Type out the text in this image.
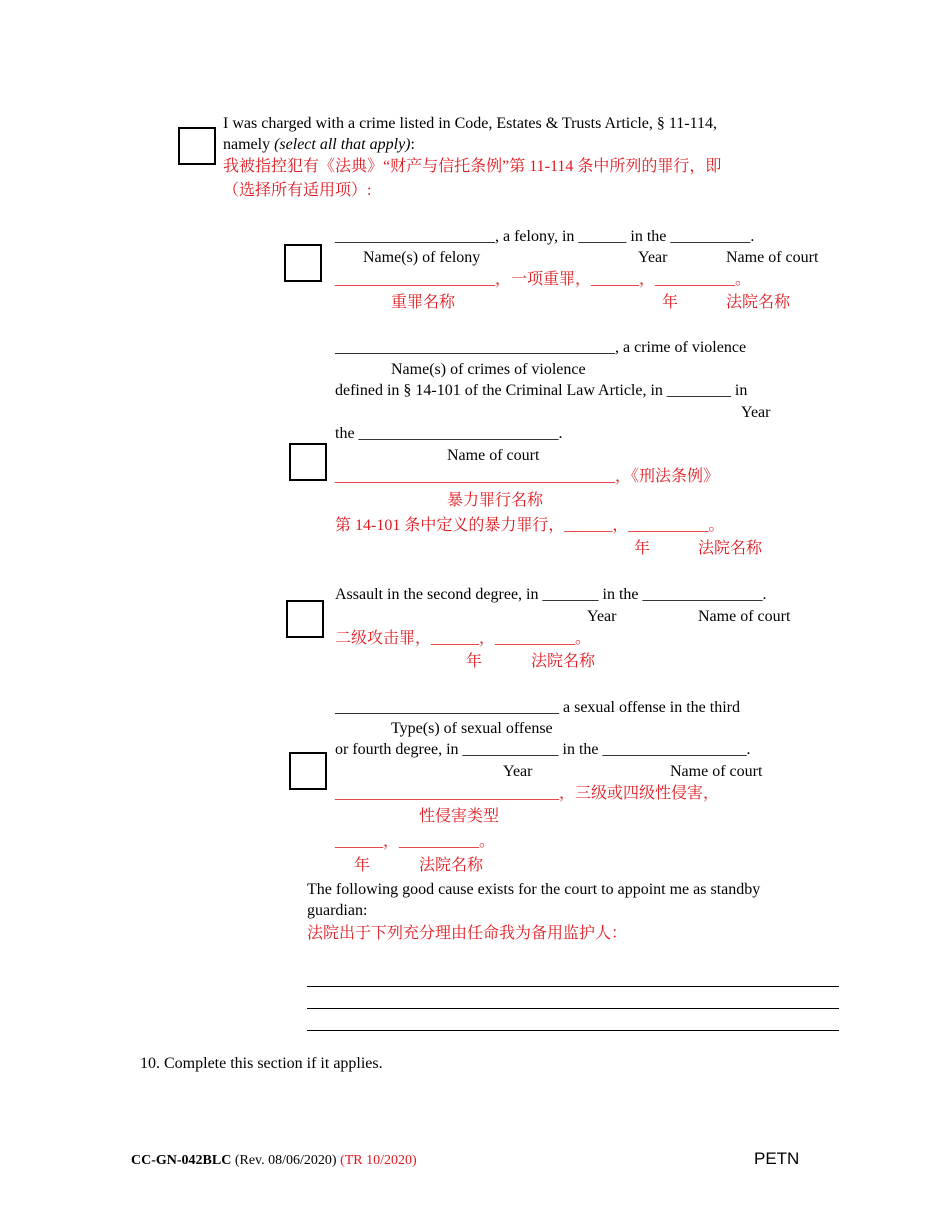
I was charged with a crime listed in Code, Estates & Trusts Article, § 11-114,
namely (select all that apply):
我被指控犯有《法典》“财产与信托条例”第 11-114 条中所列的罪行，即
（选择所有适用项）:
____________________, a felony, in ______ in the __________.
Name(s) of felony	Year	Name of court
____________________，一项重罪，______，__________。
重罪名称	年	法院名称
___________________________________, a crime of violence
Name(s) of crimes of violence
defined in § 14-101 of the Criminal Law Article, in ________ in
Year
the _________________________.
Name of court
___________________________________，《刑法条例》
暴力罪行名称
第 14-101 条中定义的暴力罪行，______，__________。
年	法院名称
Assault in the second degree, in _______ in the _______________.
Year	Name of court
二级攻击罪，______，__________。
年	法院名称
____________________________ a sexual offense in the third
Type(s) of sexual offense
or fourth degree, in ____________ in the __________________.
Year	Name of court
____________________________，三级或四级性侵害，
性侵害类型
______，__________。
年	法院名称
The following good cause exists for the court to appoint me as standby
guardian:
法院出于下列充分理由任命我为备用监护人：
10. Complete this section if it applies.
CC-GN-042BLC (Rev. 08/06/2020) (TR 10/2020)	PETN
